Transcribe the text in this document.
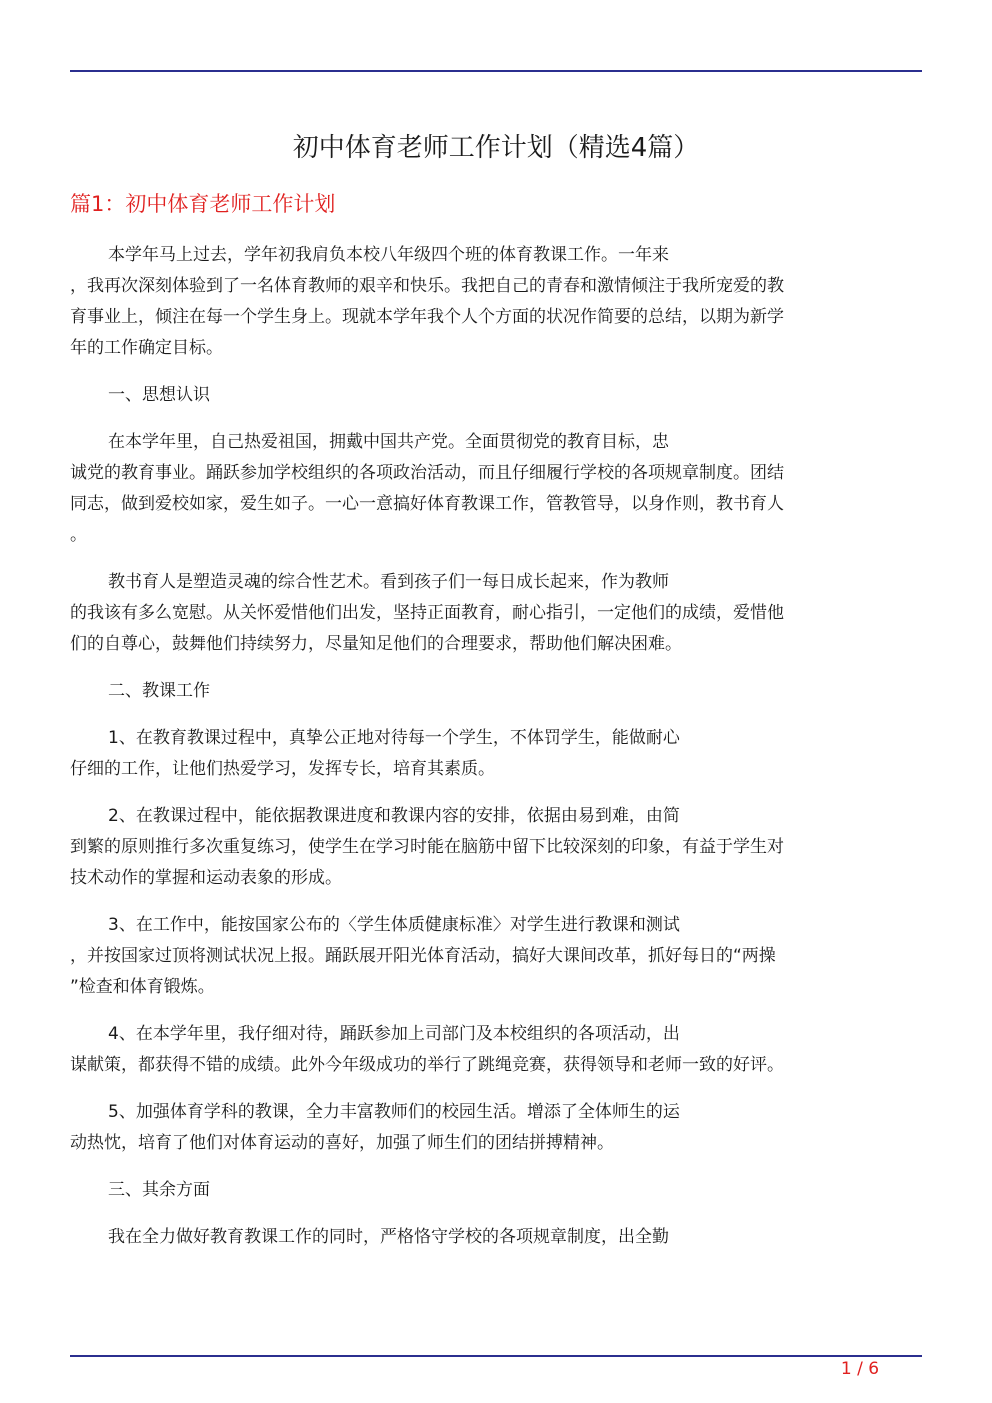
初中体育老师工作计划（精选4篇）
篇1：初中体育老师工作计划

本学年马上过去，学年初我肩负本校八年级四个班的体育教课工作。一年来
，我再次深刻体验到了一名体育教师的艰辛和快乐。我把自己的青春和激情倾注于我所宠爱的教
育事业上，倾注在每一个学生身上。现就本学年我个人个方面的状况作简要的总结，以期为新学
年的工作确定目标。

一、思想认识

在本学年里，自己热爱祖国，拥戴中国共产党。全面贯彻党的教育目标，忠
诚党的教育事业。踊跃参加学校组织的各项政治活动，而且仔细履行学校的各项规章制度。团结
同志，做到爱校如家，爱生如子。一心一意搞好体育教课工作，管教管导，以身作则，教书育人
。

教书育人是塑造灵魂的综合性艺术。看到孩子们一每日成长起来，作为教师
的我该有多么宽慰。从关怀爱惜他们出发，坚持正面教育，耐心指引，一定他们的成绩，爱惜他
们的自尊心，鼓舞他们持续努力，尽量知足他们的合理要求，帮助他们解决困难。

二、教课工作

1、在教育教课过程中，真挚公正地对待每一个学生，不体罚学生，能做耐心
仔细的工作，让他们热爱学习，发挥专长，培育其素质。

2、在教课过程中，能依据教课进度和教课内容的安排，依据由易到难，由简
到繁的原则推行多次重复练习，使学生在学习时能在脑筋中留下比较深刻的印象，有益于学生对
技术动作的掌握和运动表象的形成。

3、在工作中，能按国家公布的〈学生体质健康标准〉对学生进行教课和测试
，并按国家过顶将测试状况上报。踊跃展开阳光体育活动，搞好大课间改革，抓好每日的“两操
”检查和体育锻炼。

4、在本学年里，我仔细对待，踊跃参加上司部门及本校组织的各项活动，出
谋献策，都获得不错的成绩。此外今年级成功的举行了跳绳竞赛，获得领导和老师一致的好评。

5、加强体育学科的教课，全力丰富教师们的校园生活。增添了全体师生的运
动热忱，培育了他们对体育运动的喜好，加强了师生们的团结拼搏精神。

三、其余方面

我在全力做好教育教课工作的同时，严格恪守学校的各项规章制度，出全勤

1 / 6
